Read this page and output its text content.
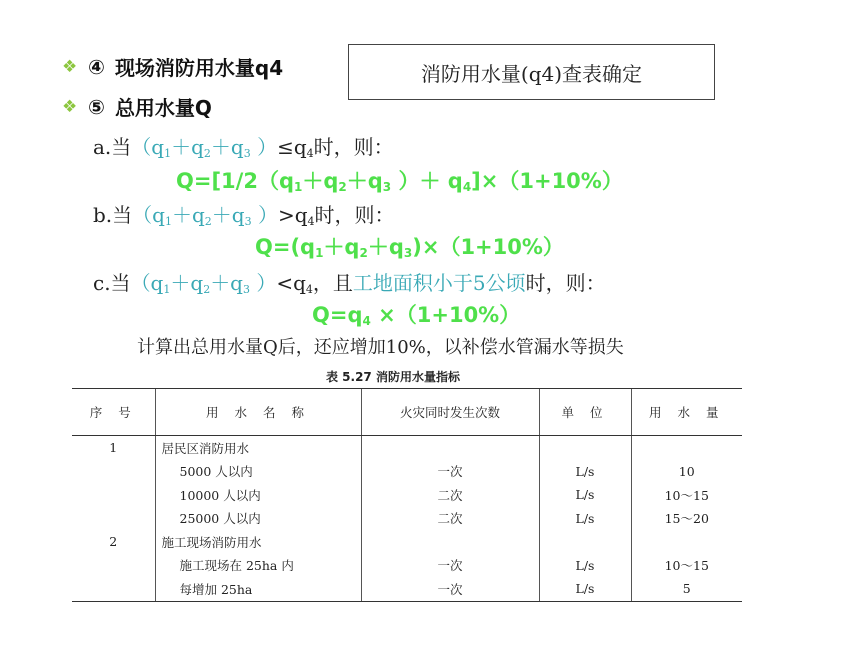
❖ ④ 现场消防用水量q4
❖ ⑤ 总用水量Q
消防用水量(q4)查表确定
a.当（$q_1+q_2+q_3$ ）$\le q_4$时，则：
$Q=[1/2(q_1+q_2+q_3$ ）＋ $q_4]\times(1+10\%)$
b.当（$q_1+q_2+q_3$ ）$>q_4$时，则：
$Q=(q_1+q_2+q_3)\times(1+10\%)$
c.当（$q_1+q_2+q_3$ ）$<q_4$，且工地面积小于5公顷时，则：
$Q=q_4 \times(1+10\%)$
计算出总用水量Q后，还应增加10%，以补偿水管漏水等损失
表 5.27 消防用水量指标
序 号	用 水 名 称	火灾同时发生次数	单 位	用 水 量
1	居民区消防用水			
	5000 人以内	一次	L/s	10
	10000 人以内	二次	L/s	10～15
	25000 人以内	二次	L/s	15～20
2	施工现场消防用水			
	施工现场在 25ha 内	一次	L/s	10～15
	每增加 25ha	一次	L/s	5
